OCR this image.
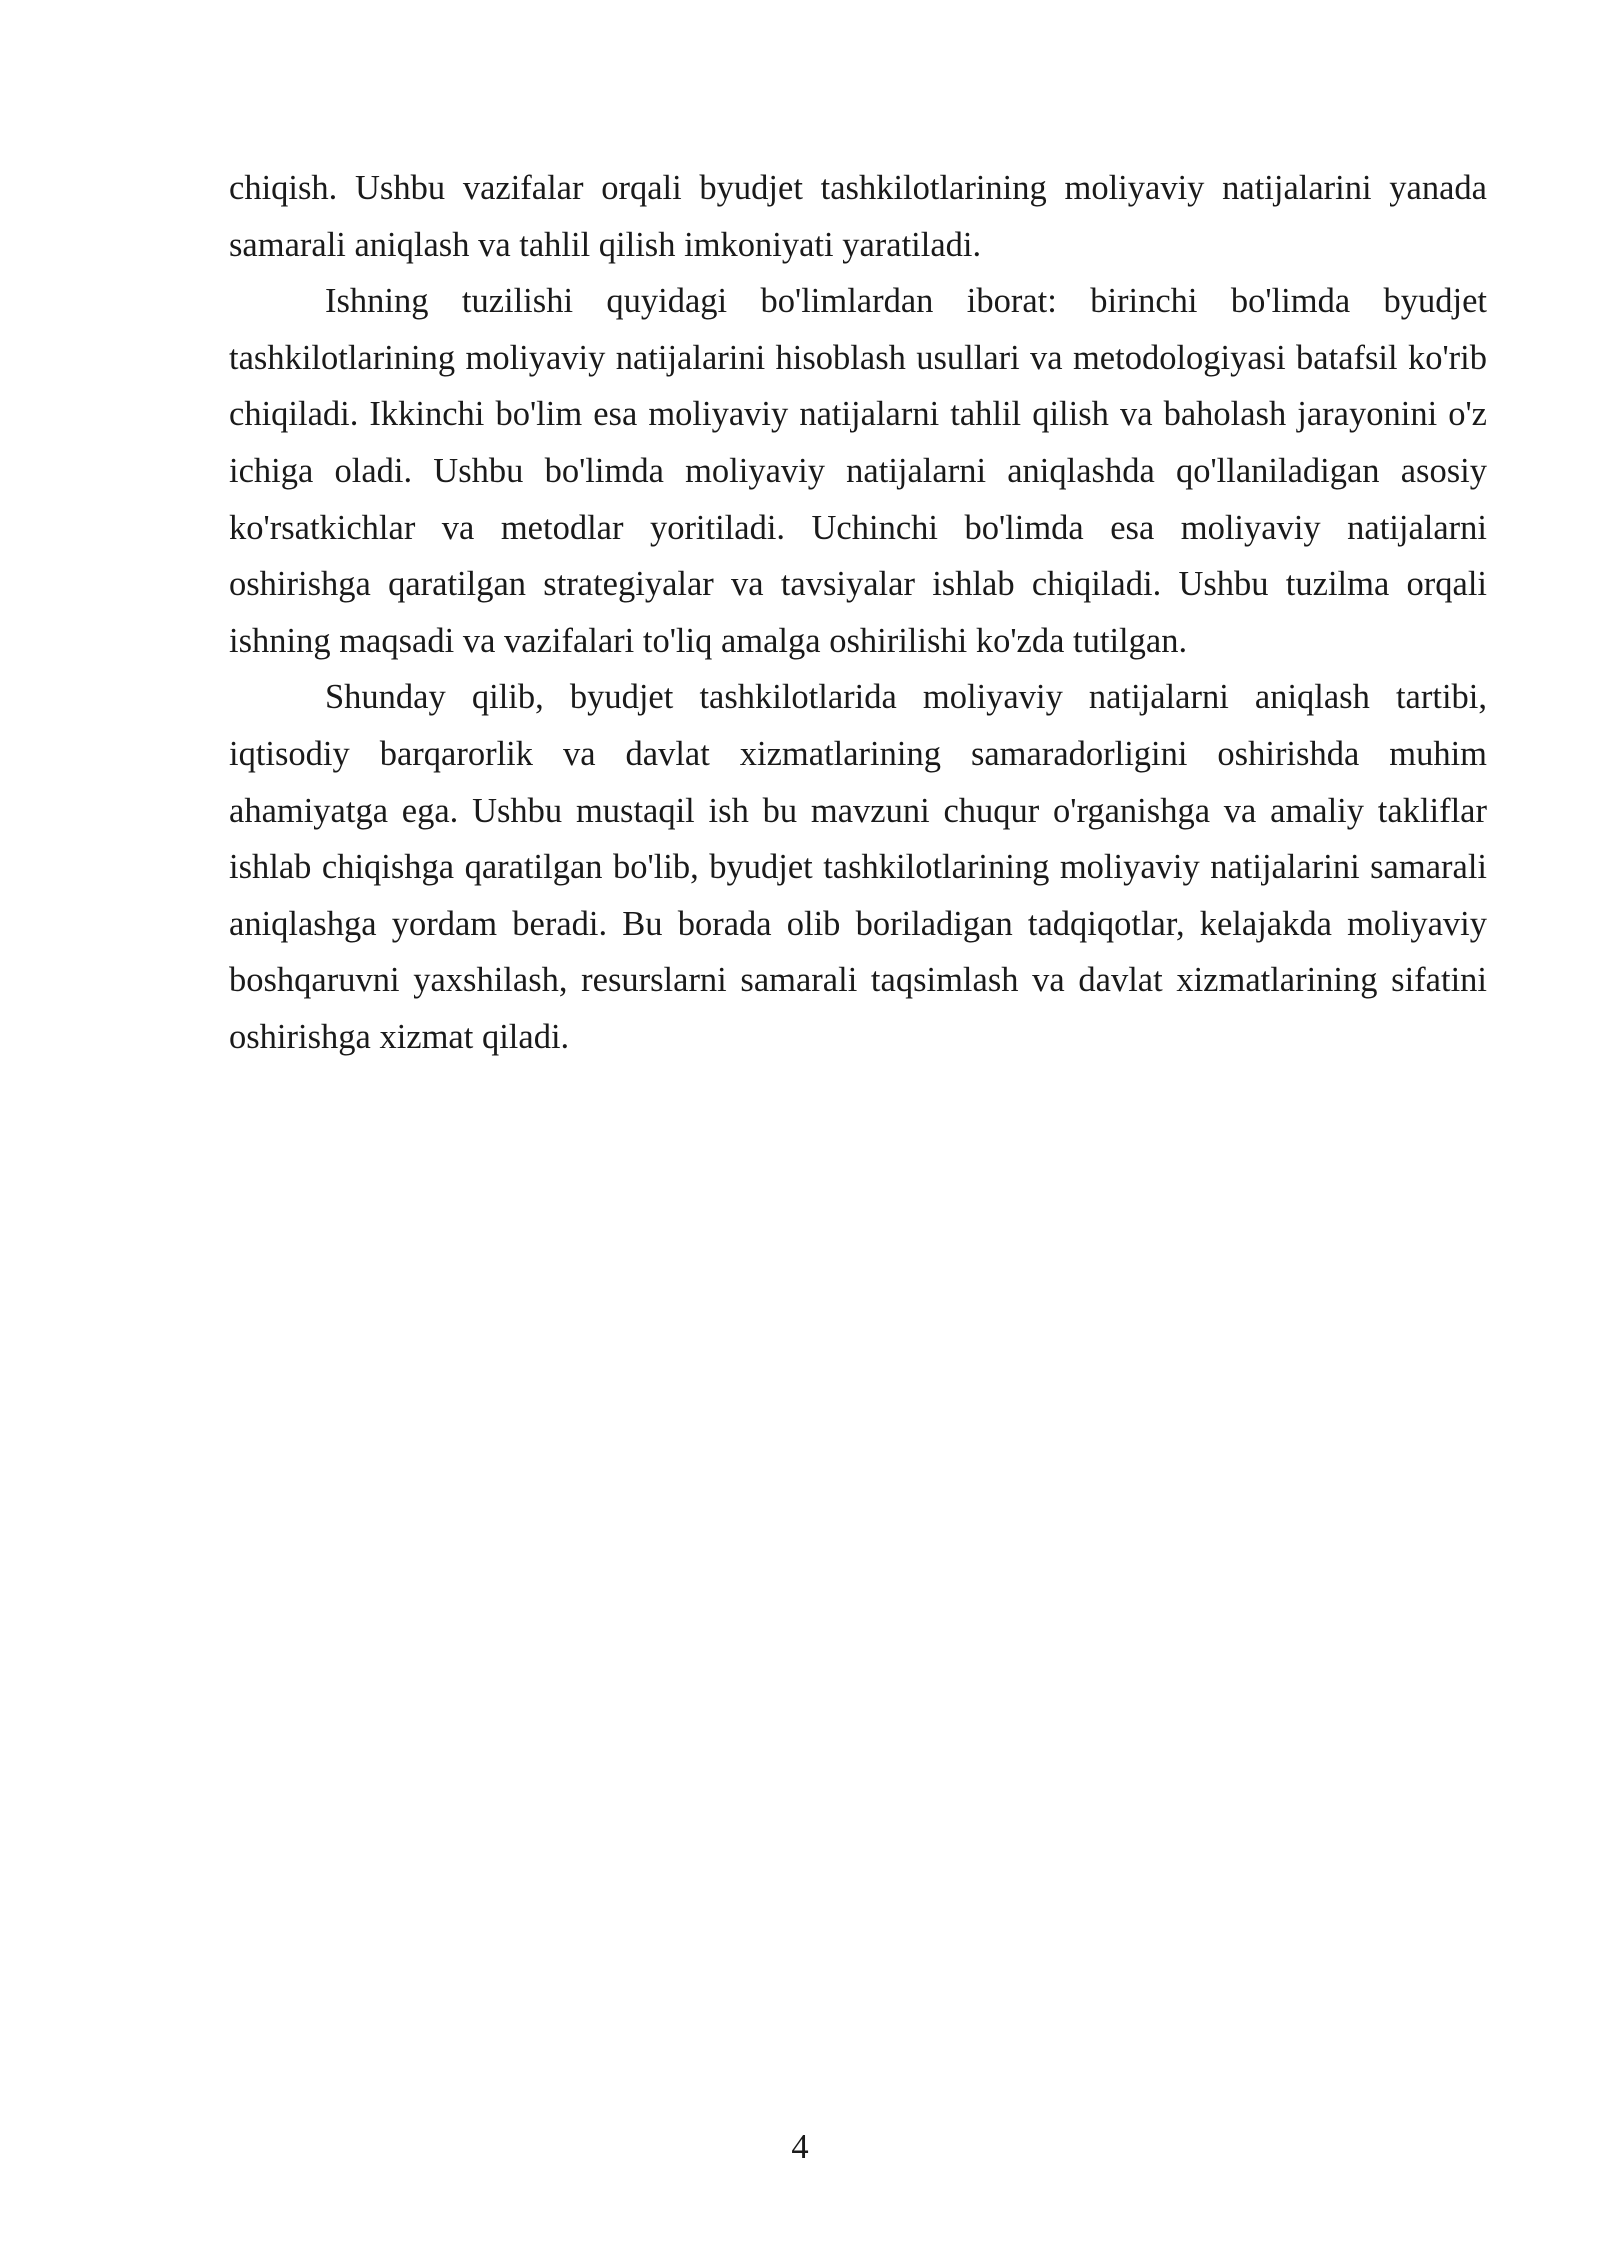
chiqish. Ushbu vazifalar orqali byudjet tashkilotlarining moliyaviy natijalarini yanada samarali aniqlash va tahlil qilish imkoniyati yaratiladi.

Ishning tuzilishi quyidagi bo'limlardan iborat: birinchi bo'limda byudjet tashkilotlarining moliyaviy natijalarini hisoblash usullari va metodologiyasi batafsil ko'rib chiqiladi. Ikkinchi bo'lim esa moliyaviy natijalarni tahlil qilish va baholash jarayonini o'z ichiga oladi. Ushbu bo'limda moliyaviy natijalarni aniqlashda qo'llaniladigan asosiy ko'rsatkichlar va metodlar yoritiladi. Uchinchi bo'limda esa moliyaviy natijalarni oshirishga qaratilgan strategiyalar va tavsiyalar ishlab chiqiladi. Ushbu tuzilma orqali ishning maqsadi va vazifalari to'liq amalga oshirilishi ko'zda tutilgan.

Shunday qilib, byudjet tashkilotlarida moliyaviy natijalarni aniqlash tartibi, iqtisodiy barqarorlik va davlat xizmatlarining samaradorligini oshirishda muhim ahamiyatga ega. Ushbu mustaqil ish bu mavzuni chuqur o'rganishga va amaliy takliflar ishlab chiqishga qaratilgan bo'lib, byudjet tashkilotlarining moliyaviy natijalarini samarali aniqlashga yordam beradi. Bu borada olib boriladigan tadqiqotlar, kelajakda moliyaviy boshqaruvni yaxshilash, resurslarni samarali taqsimlash va davlat xizmatlarining sifatini oshirishga xizmat qiladi.

4
